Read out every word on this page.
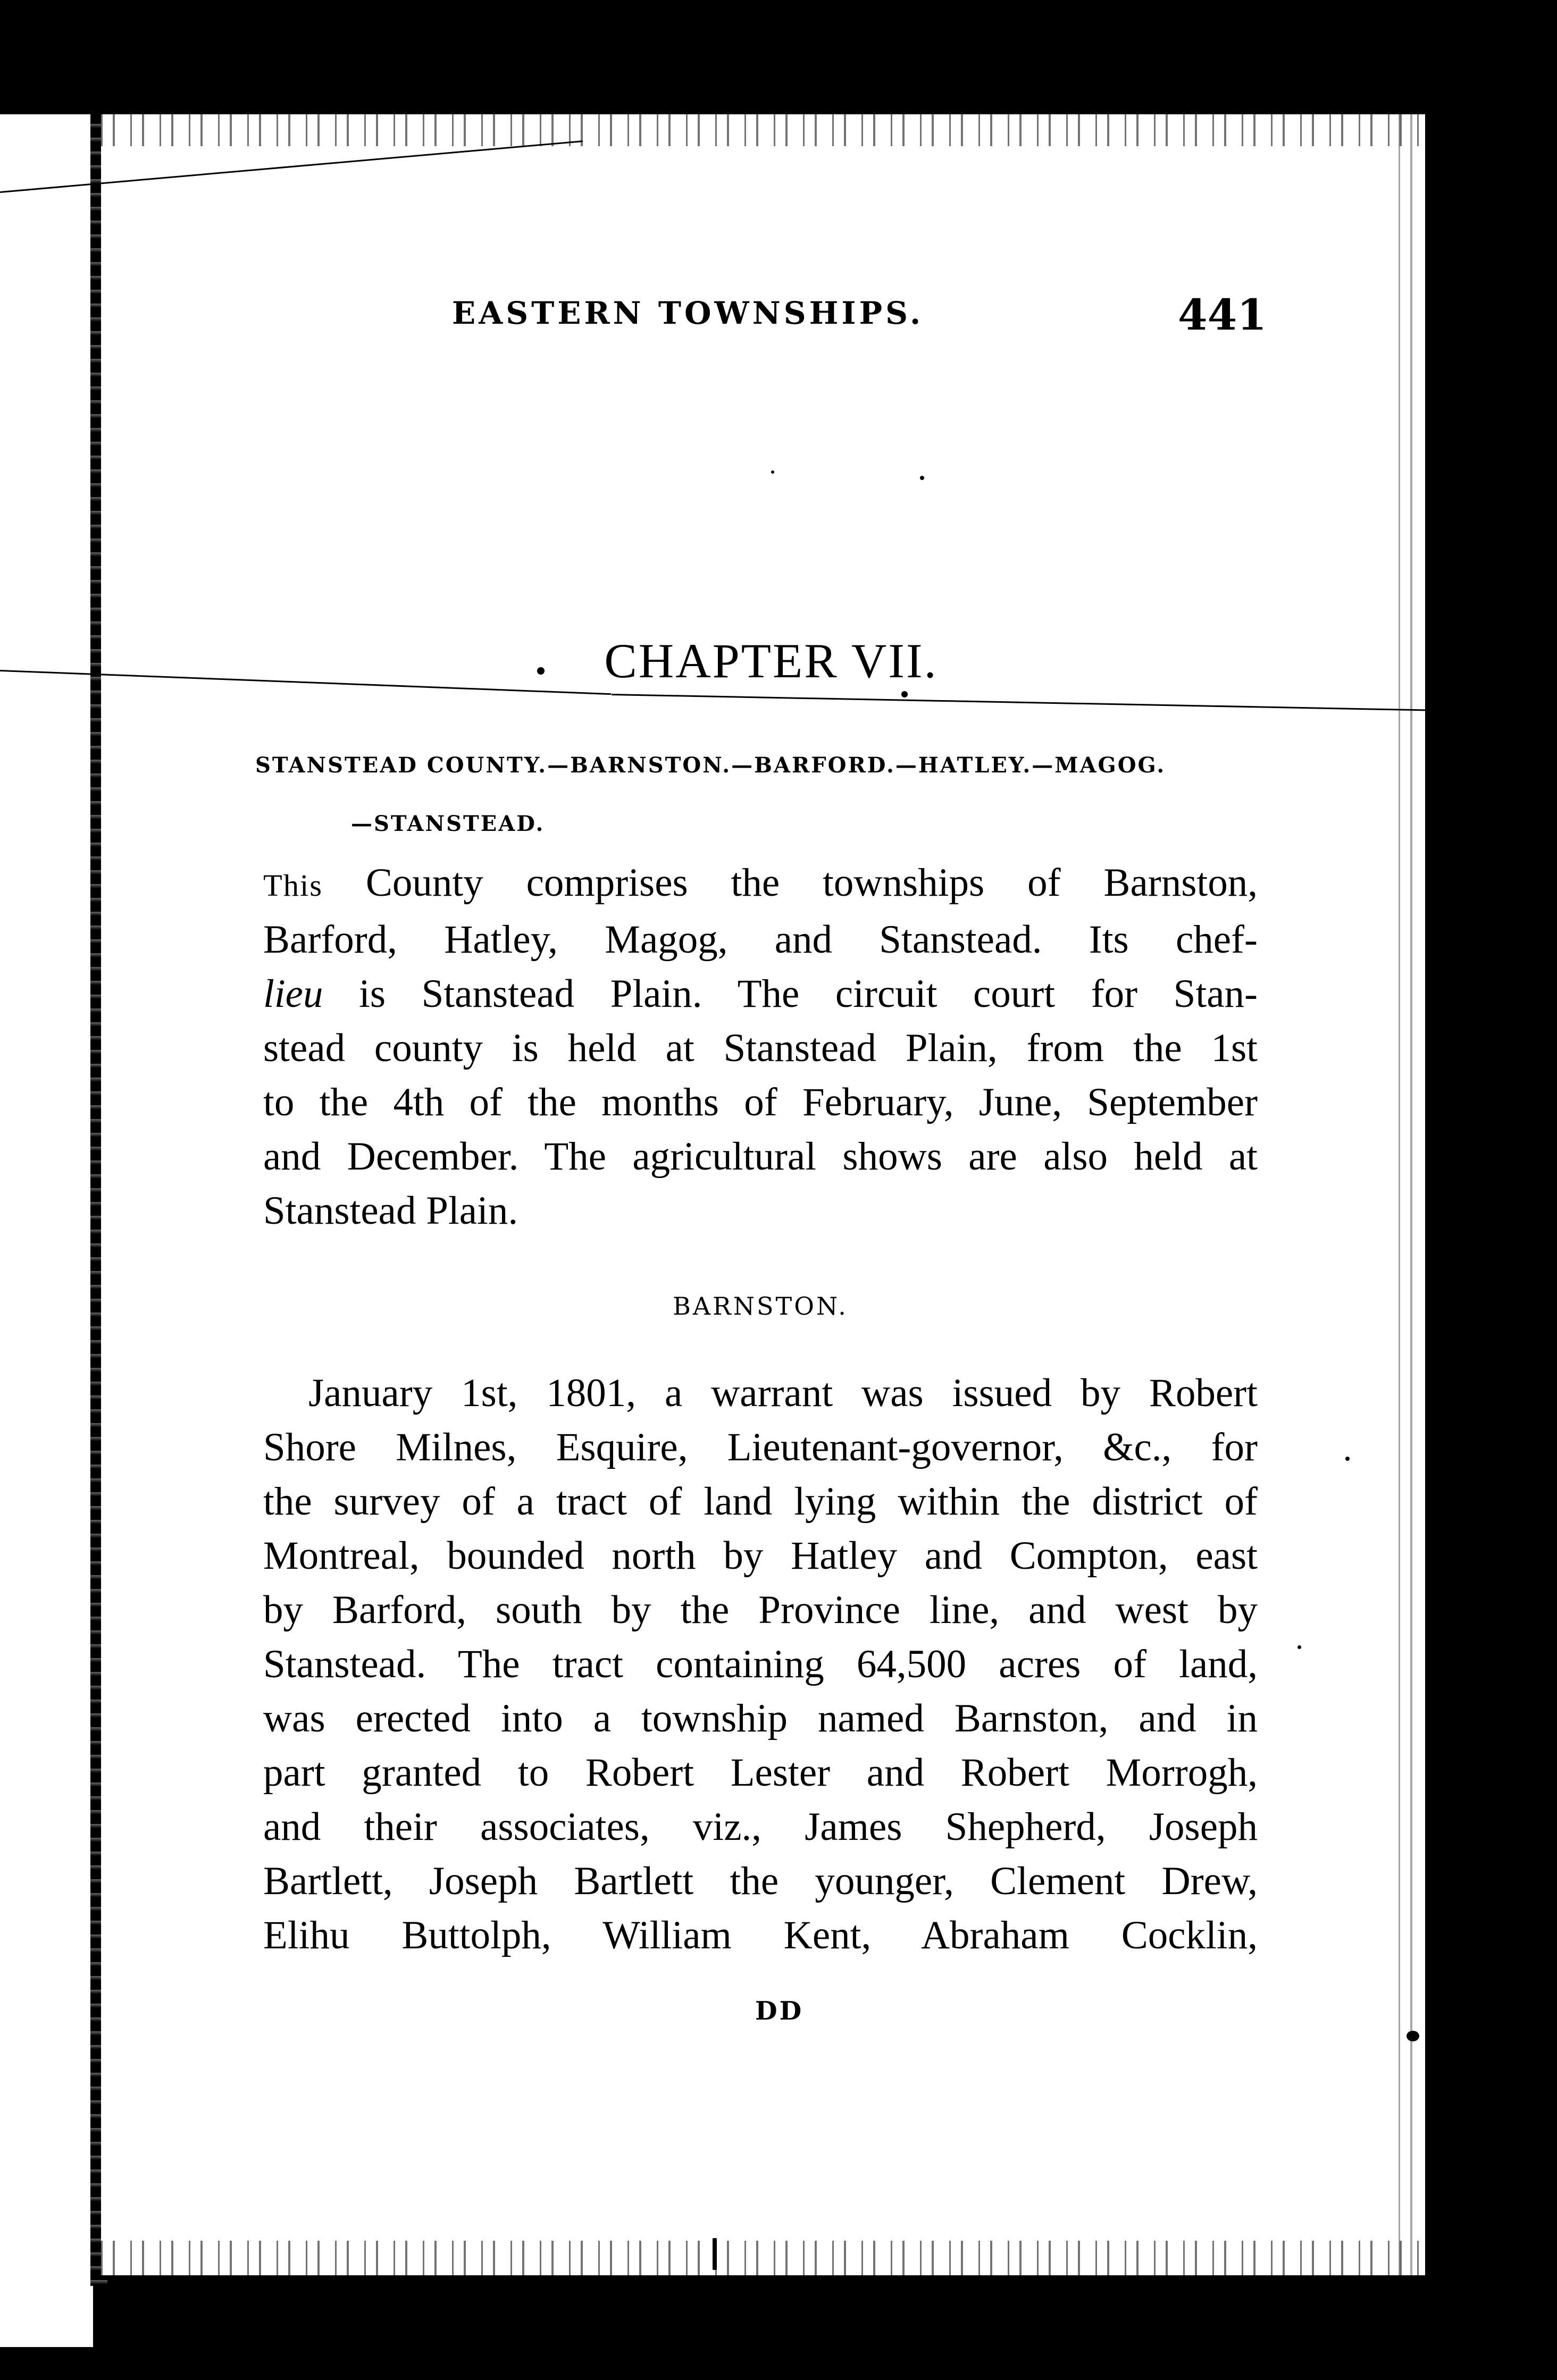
EASTERN TOWNSHIPS.	441
CHAPTER VII.
STANSTEAD COUNTY.—BARNSTON.—BARFORD.—HATLEY.—MAGOG.
—STANSTEAD.
This County comprises the townships of Barnston,
Barford, Hatley, Magog, and Stanstead. Its chef-
lieu is Stanstead Plain. The circuit court for Stan-
stead county is held at Stanstead Plain, from the 1st
to the 4th of the months of February, June, September
and December. The agricultural shows are also held at
Stanstead Plain.
BARNSTON.
January 1st, 1801, a warrant was issued by Robert
Shore Milnes, Esquire, Lieutenant-governor, &c., for
the survey of a tract of land lying within the district of
Montreal, bounded north by Hatley and Compton, east
by Barford, south by the Province line, and west by
Stanstead. The tract containing 64,500 acres of land,
was erected into a township named Barnston, and in
part granted to Robert Lester and Robert Morrogh,
and their associates, viz., James Shepherd, Joseph
Bartlett, Joseph Bartlett the younger, Clement Drew,
Elihu Buttolph, William Kent, Abraham Cocklin,
DD
